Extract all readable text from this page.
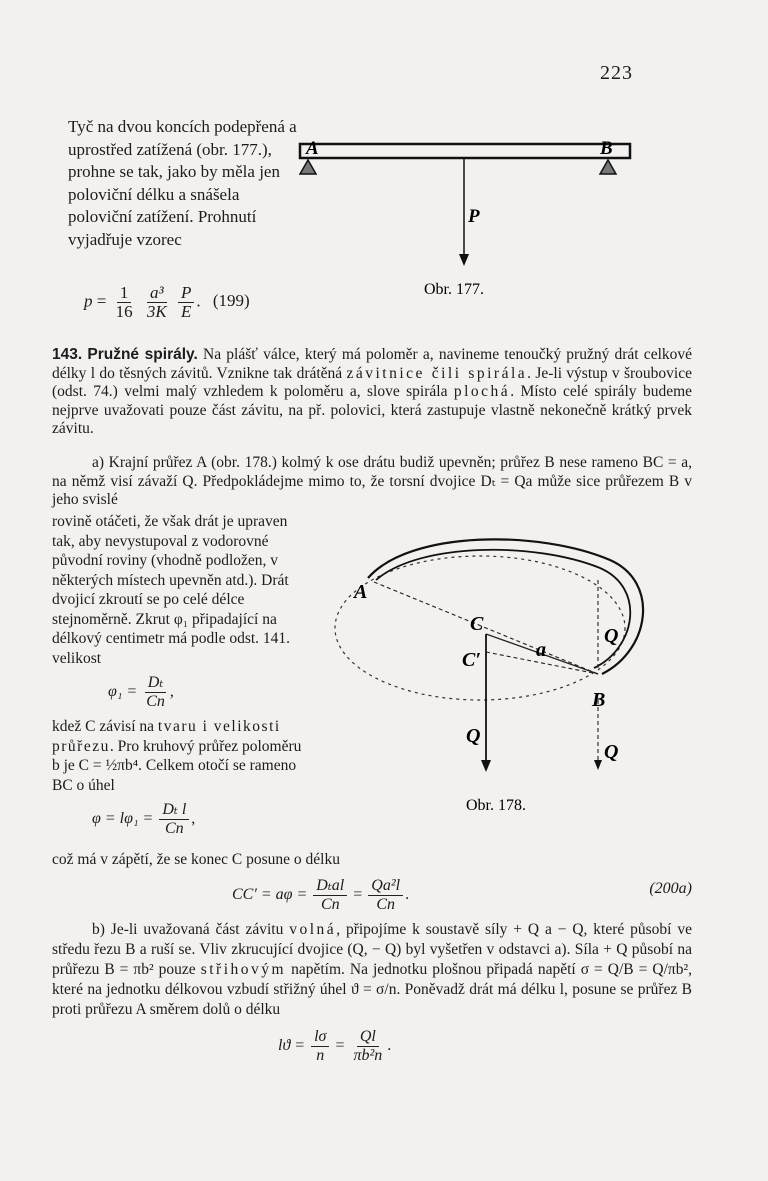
223

Tyč na dvou koncích podepřená a uprostřed zatížená (obr. 177.), prohne se tak, jako by měla jen poloviční délku a snášela poloviční zatížení. Prohnutí vyjadřuje vzorec

$p = \frac{1}{16}$
$\frac{\text{a³}}{3K}$
$\frac{P}{E}$ . (199)
A	B
P
Obr. 177.

143. Pružné spirály. Na plášť válce, který má poloměr a, navineme tenoučký pružný drát celkové délky l do těsných závitů. Vznikne tak drátěná závitnice čili spirála. Je-li výstup v šroubovice (odst. 74.) velmi malý vzhledem k poloměru a, slove spirála plochá. Místo celé spirály budeme nejprve uvažovati pouze část závitu, na př. polovici, která zastupuje vlastně nekonečně krátký prvek závitu.

a) Krajní průřez A (obr. 178.) kolmý k ose drátu budiž upevněn; průřez B nese rameno BC = a, na němž visí závaží Q. Předpokládejme mimo to, že torsní dvojice Dₜ = Qa může sice průřezem B v jeho svislé

rovině otáčeti, že však drát je upraven tak, aby nevystupoval z vodorovné původní roviny (vhodně podložen, v některých místech upevněn atd.). Drát dvojicí zkroutí se po celé délce stejnoměrně. Zkrut φ₁ připadající na délkový centimetr má podle odst. 141. velikost

$\varphi_1 = \frac{\text{Dₜ}}{Cn}$ ,

kdež C závisí na tvaru i velikosti průřezu. Pro kruhový průřez poloměru b je C = ½πb⁴. Celkem otočí se rameno BC o úhel

$\varphi = l\varphi_1 = \frac{\text{Dₜ l}}{Cn}$ ,

A
B
C
C′	a
Q
Q
Q
Obr. 178.

což má v zápětí, že se konec C posune o délku

$CC' = a\varphi = \frac{\text{Dₜal}}{Cn} = \frac{\text{Qa²l}}{Cn}$ .	(200a)

b) Je-li uvažovaná část závitu volná, připojíme k soustavě síly + Q a − Q, které působí ve středu řezu B a ruší se. Vliv zkrucující dvojice (Q, − Q) byl vyšetřen v odstavci a). Síla + Q působí na průřezu B = πb² pouze střihovým napětím. Na jednotku plošnou připadá napětí σ = Q/B = Q/πb², které na jednotku délkovou vzbudí střižný úhel ϑ = σ/n. Poněvadž drát má délku l, posune se průřez B proti průřezu A směrem dolů o délku

$lϑ = \frac{l\sigma}{n} = \frac{Ql}{\text{πb²n}}$ .
